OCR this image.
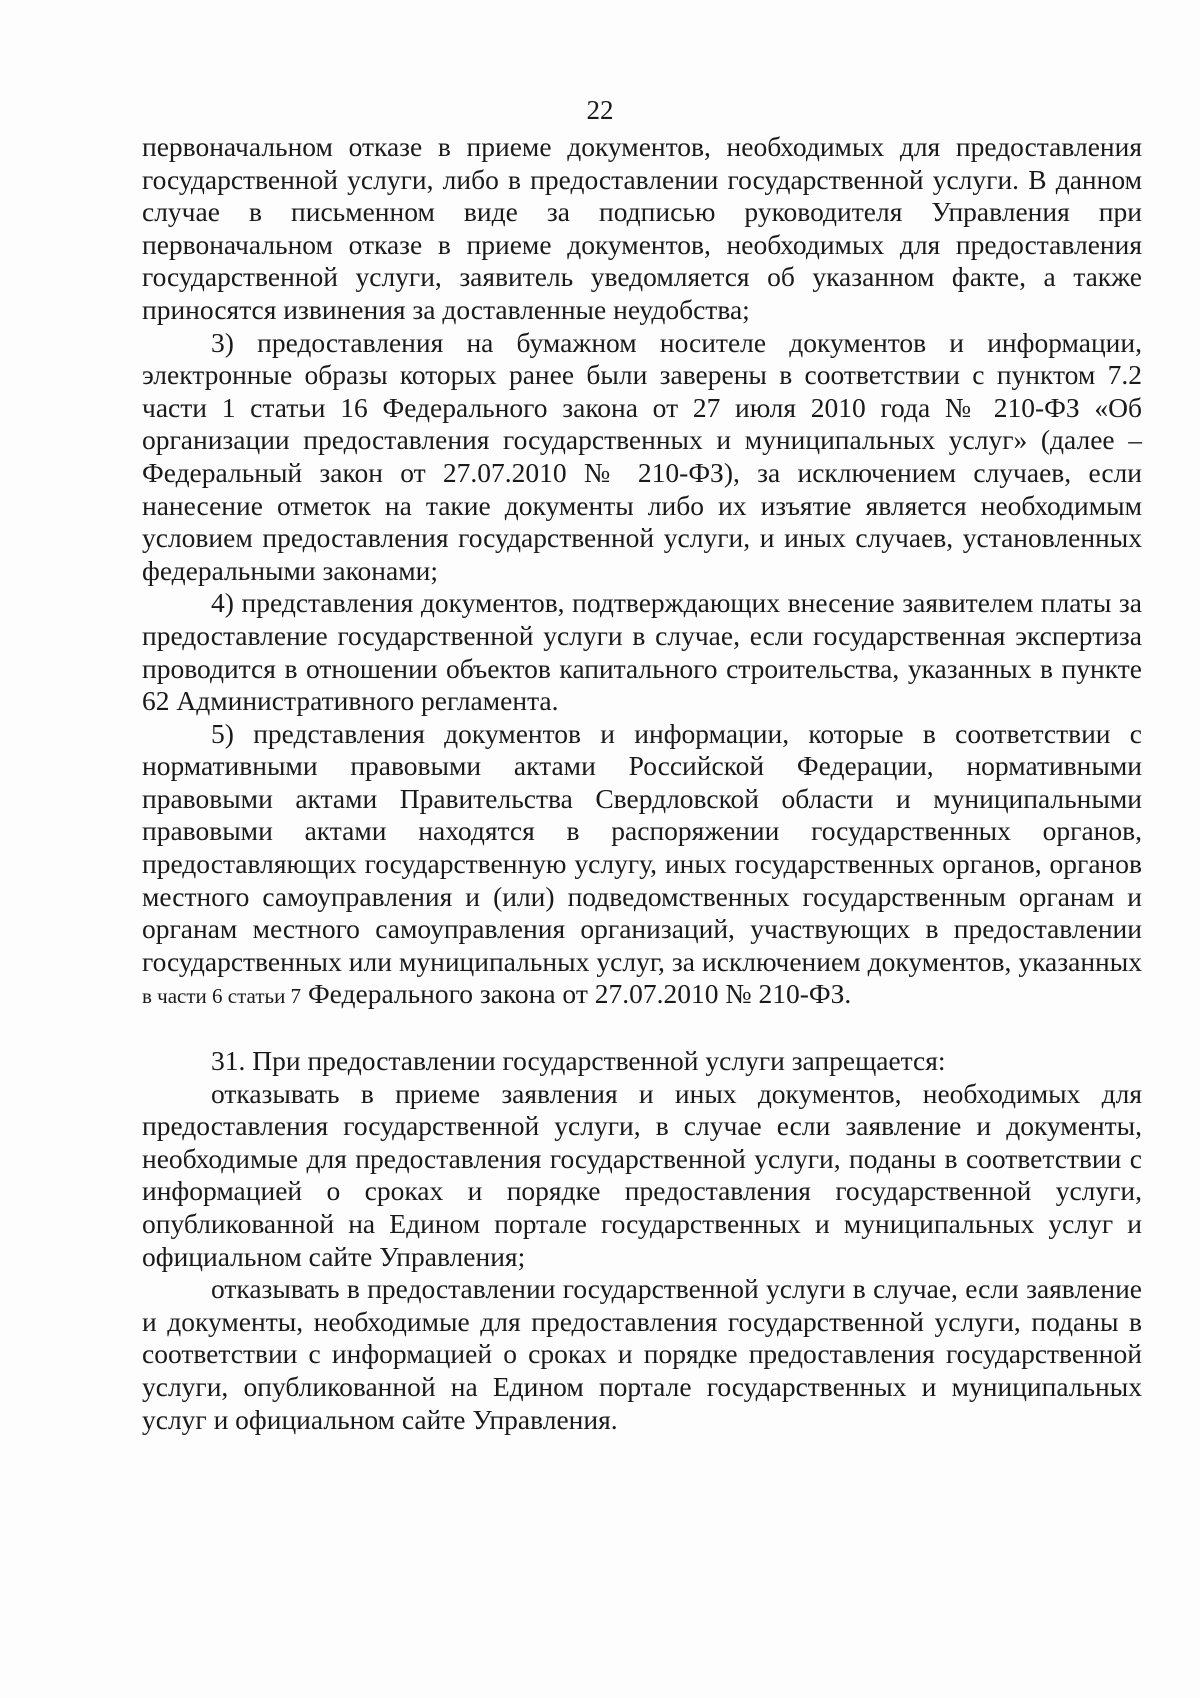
22

первоначальном отказе в приеме документов, необходимых для предоставления государственной услуги, либо в предоставлении государственной услуги. В данном случае в письменном виде за подписью руководителя Управления при первоначальном отказе в приеме документов, необходимых для предоставления государственной услуги, заявитель уведомляется об указанном факте, а также приносятся извинения за доставленные неудобства;

3) предоставления на бумажном носителе документов и информации, электронные образы которых ранее были заверены в соответствии с пунктом 7.2 части 1 статьи 16 Федерального закона от 27 июля 2010 года № 210-ФЗ «Об организации предоставления государственных и муниципальных услуг» (далее – Федеральный закон от 27.07.2010 № 210-ФЗ), за исключением случаев, если нанесение отметок на такие документы либо их изъятие является необходимым условием предоставления государственной услуги, и иных случаев, установленных федеральными законами;

4) представления документов, подтверждающих внесение заявителем платы за предоставление государственной услуги в случае, если государственная экспертиза проводится в отношении объектов капитального строительства, указанных в пункте 62 Административного регламента.

5) представления документов и информации, которые в соответствии с нормативными правовыми актами Российской Федерации, нормативными правовыми актами Правительства Свердловской области и муниципальными правовыми актами находятся в распоряжении государственных органов, предоставляющих государственную услугу, иных государственных органов, органов местного самоуправления и (или) подведомственных государственным органам и органам местного самоуправления организаций, участвующих в предоставлении государственных или муниципальных услуг, за исключением документов, указанных в части 6 статьи 7 Федерального закона от 27.07.2010 № 210-ФЗ.

31. При предоставлении государственной услуги запрещается:

отказывать в приеме заявления и иных документов, необходимых для предоставления государственной услуги, в случае если заявление и документы, необходимые для предоставления государственной услуги, поданы в соответствии с информацией о сроках и порядке предоставления государственной услуги, опубликованной на Едином портале государственных и муниципальных услуг и официальном сайте Управления;

отказывать в предоставлении государственной услуги в случае, если заявление и документы, необходимые для предоставления государственной услуги, поданы в соответствии с информацией о сроках и порядке предоставления государственной услуги, опубликованной на Едином портале государственных и муниципальных услуг и официальном сайте Управления.
